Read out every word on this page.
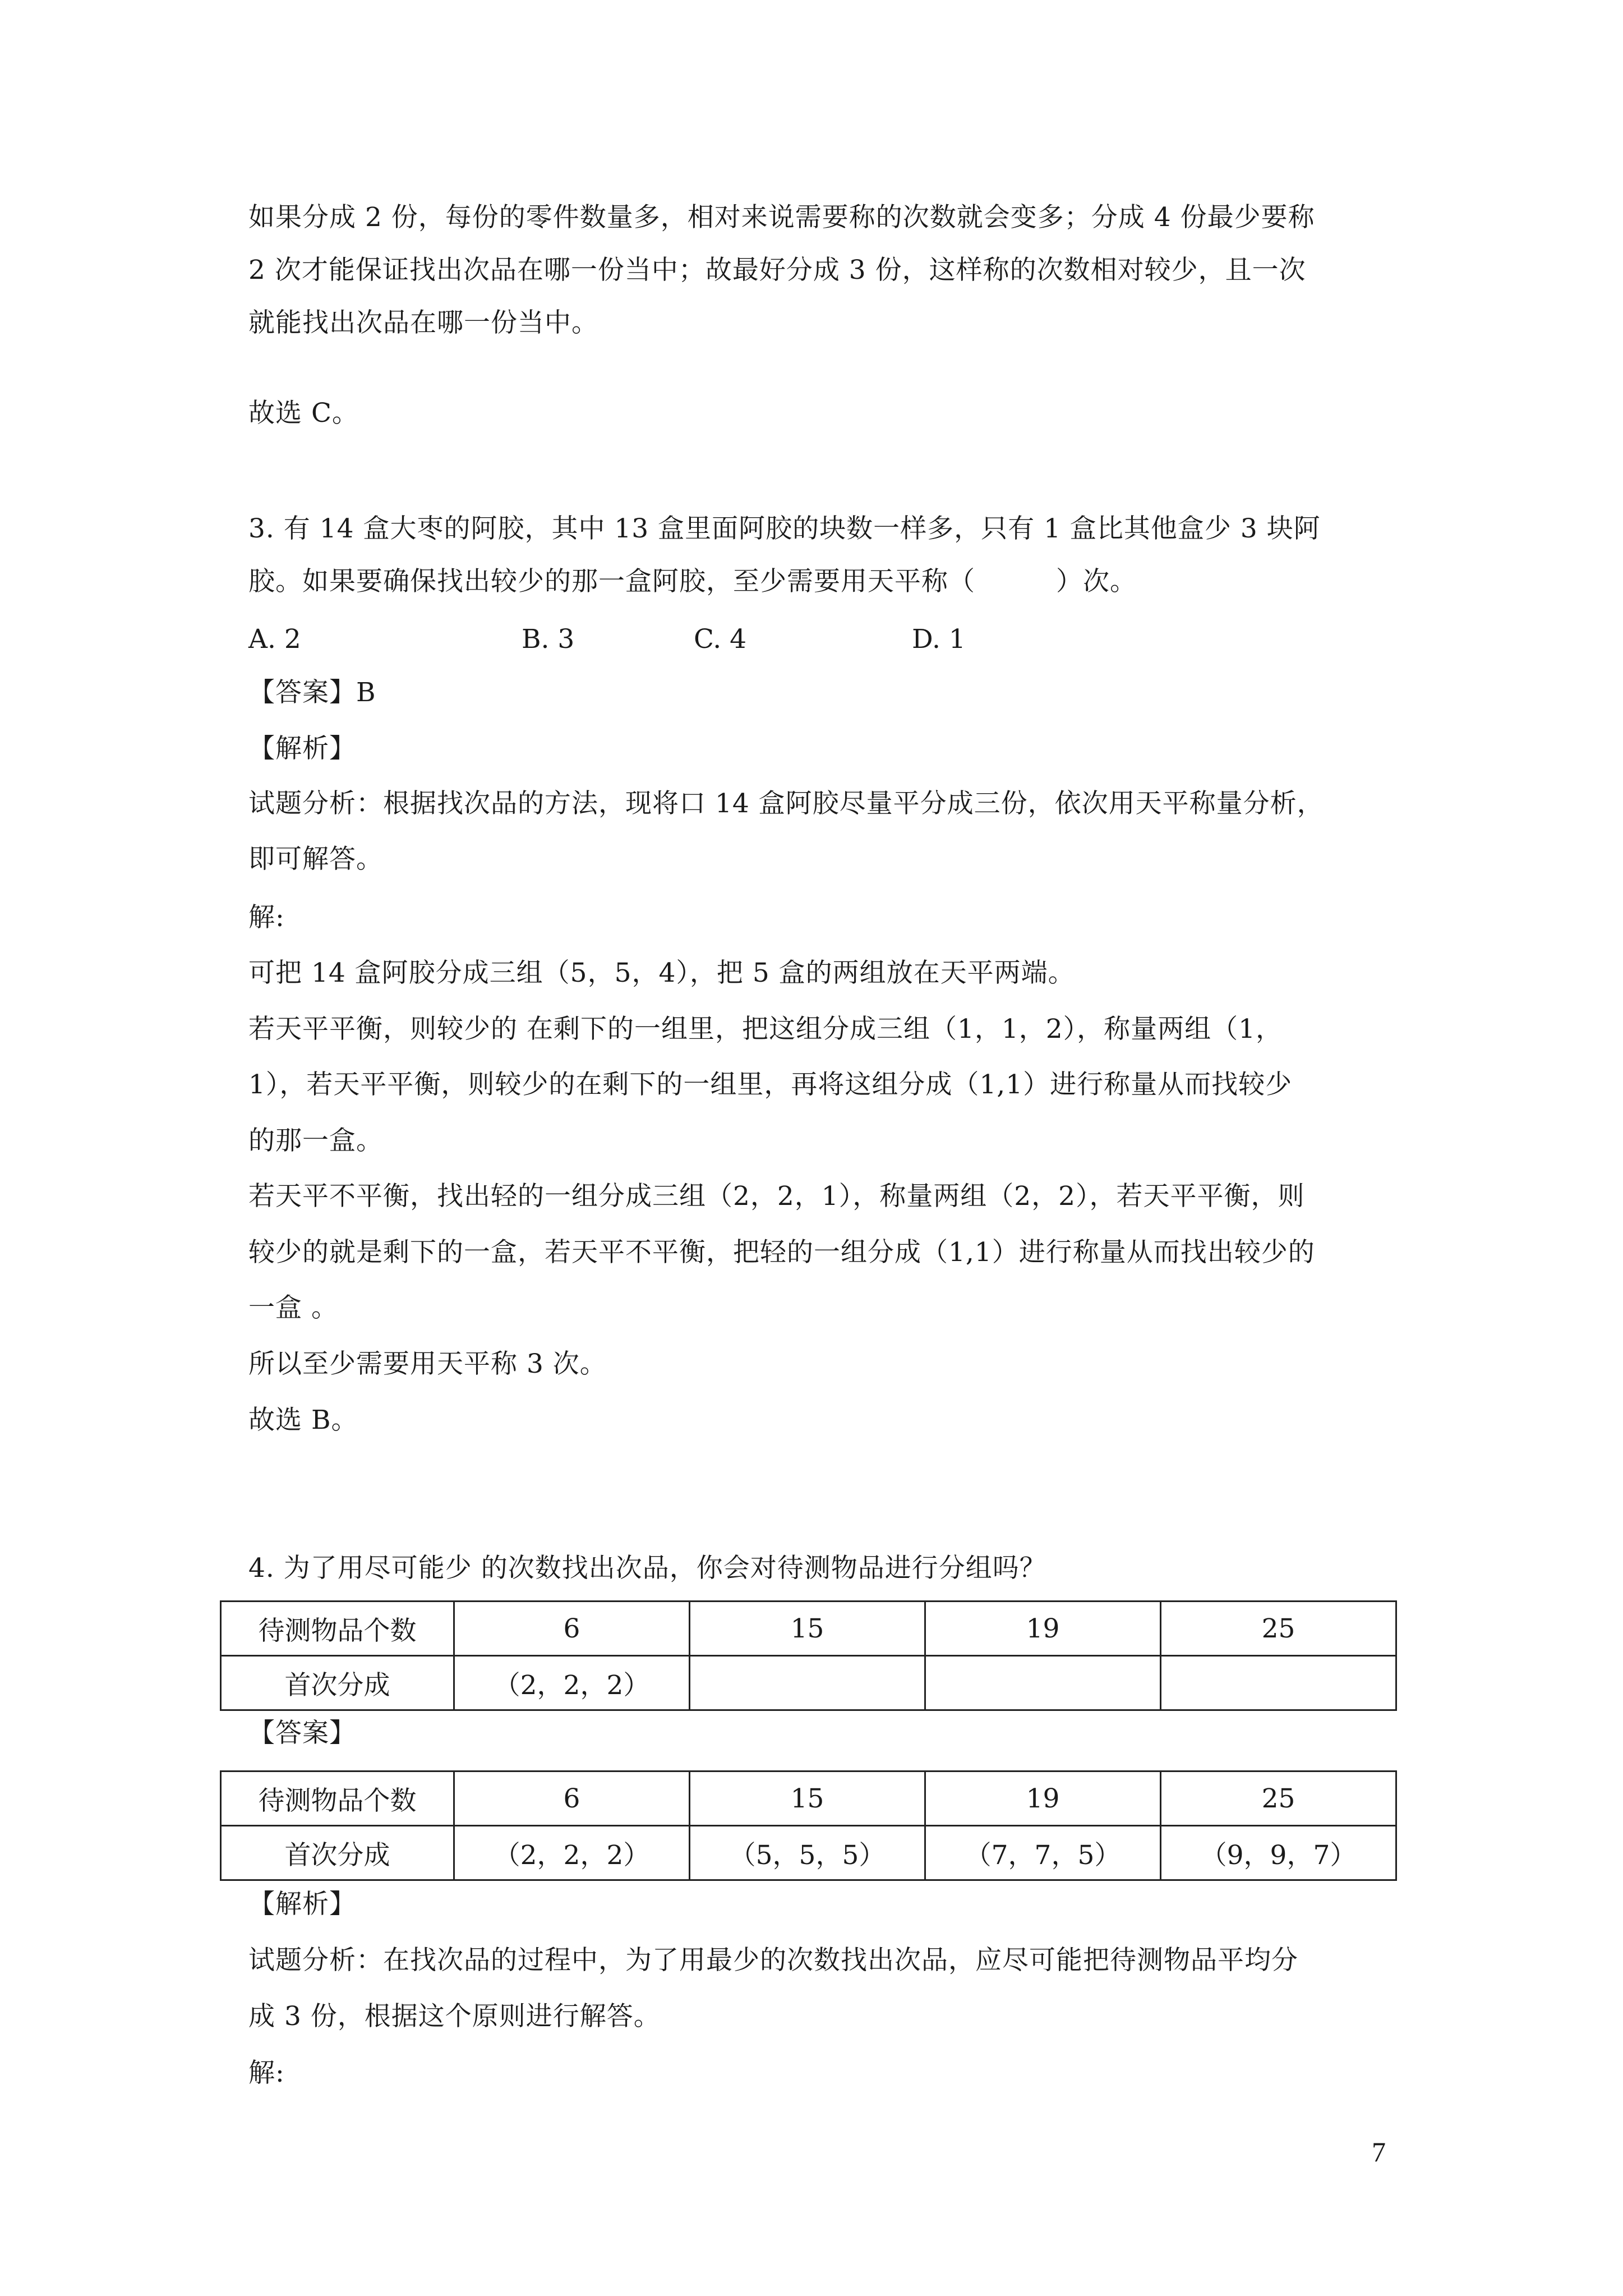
如果分成 2 份，每份的零件数量多，相对来说需要称的次数就会变多；分成 4 份最少要称
2 次才能保证找出次品在哪一份当中；故最好分成 3 份，这样称的次数相对较少，且一次
就能找出次品在哪一份当中。
故选 C。
3. 有 14 盒大枣的阿胶，其中 13 盒里面阿胶的块数一样多，只有 1 盒比其他盒少 3 块阿
胶。如果要确保找出较少的那一盒阿胶，至少需要用天平称（　　　）次。
A. 2	B. 3	C. 4	D. 1
【答案】B
【解析】
试题分析：根据找次品的方法，现将口 14 盒阿胶尽量平分成三份，依次用天平称量分析，
即可解答。
解:
可把 14 盒阿胶分成三组（5，5，4），把 5 盒的两组放在天平两端。
若天平平衡，则较少的 在剩下的一组里，把这组分成三组（1，1，2），称量两组（1，
1），若天平平衡，则较少的在剩下的一组里，再将这组分成（1,1）进行称量从而找较少
的那一盒。
若天平不平衡，找出轻的一组分成三组（2，2，1），称量两组（2，2），若天平平衡，则
较少的就是剩下的一盒，若天平不平衡，把轻的一组分成（1,1）进行称量从而找出较少的
一盒 。
所以至少需要用天平称 3 次。
故选 B。
4. 为了用尽可能少 的次数找出次品，你会对待测物品进行分组吗？
待测物品个数	6	15	19	25
首次分成	（2，2，2）			
【答案】
待测物品个数	6	15	19	25
首次分成	（2，2，2）	（5，5，5）	（7，7，5）	（9，9，7）
【解析】
试题分析：在找次品的过程中，为了用最少的次数找出次品，应尽可能把待测物品平均分
成 3 份，根据这个原则进行解答。
解:
7
